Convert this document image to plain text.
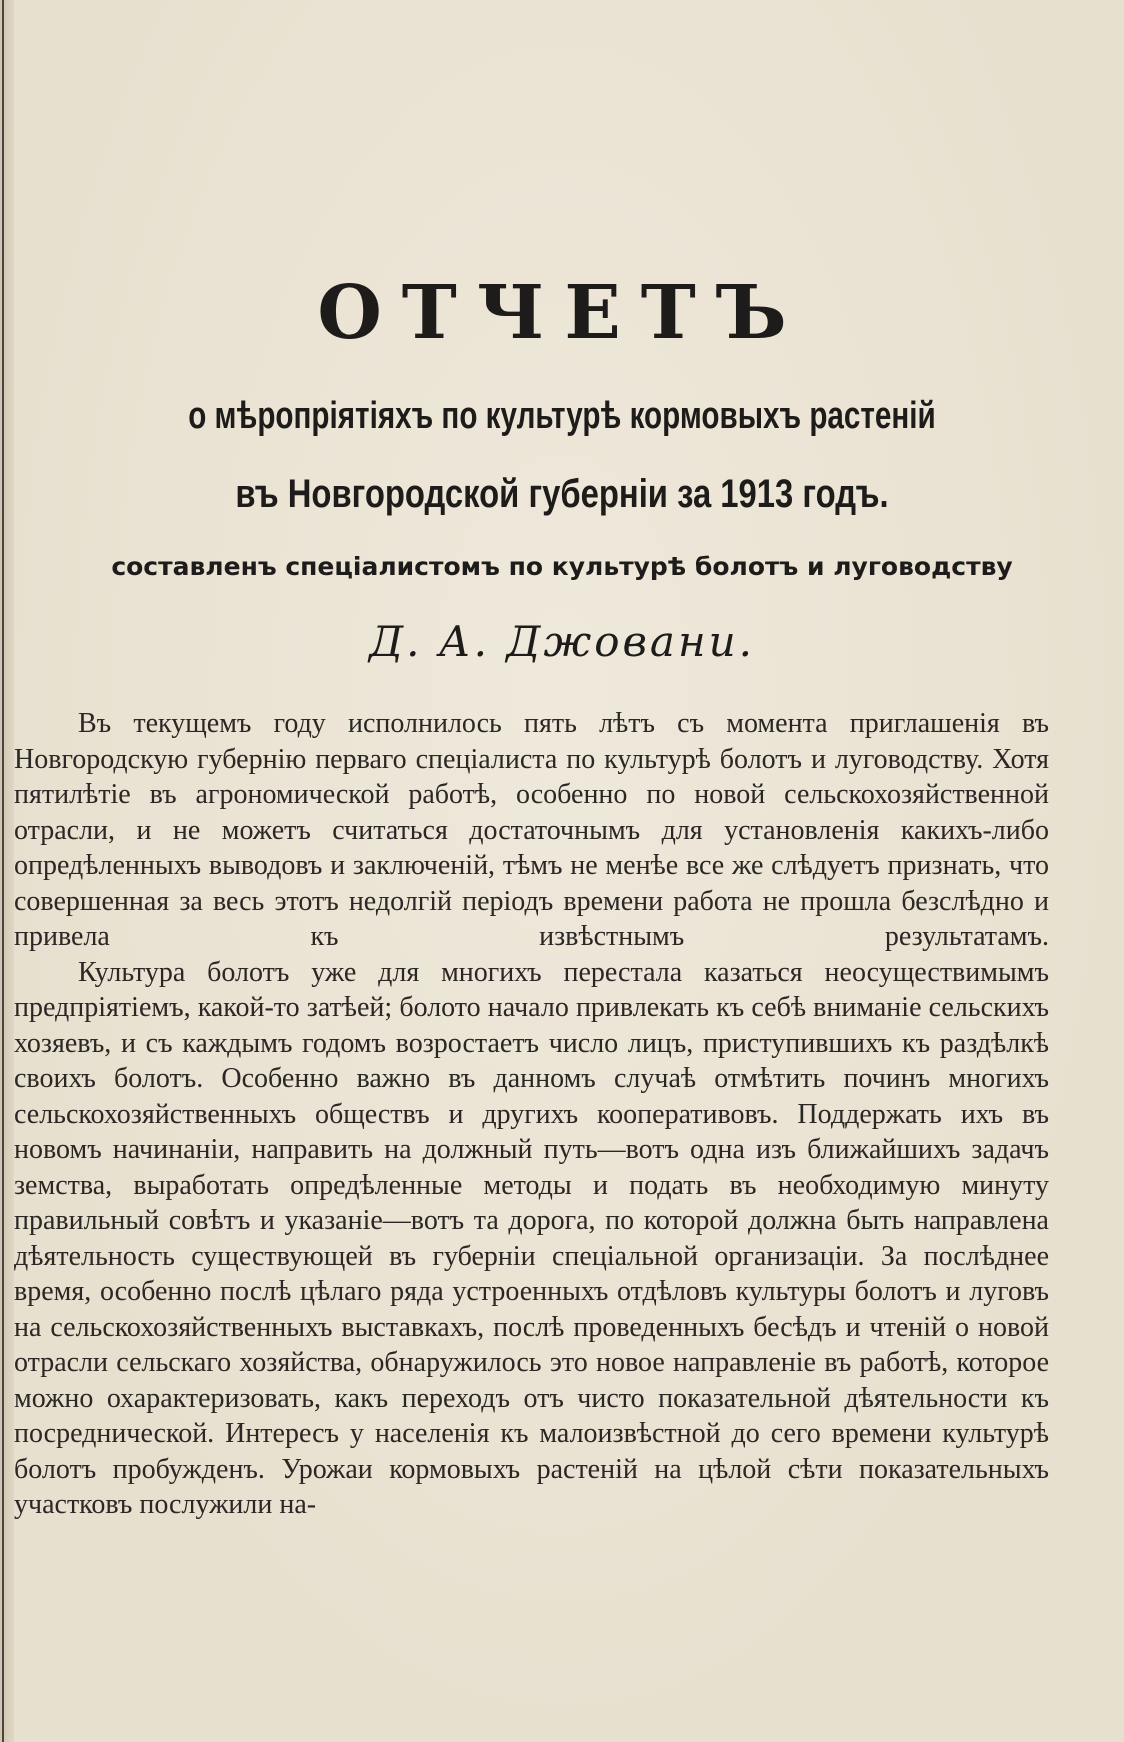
ОТЧЕТЪ
о мѣропріятіяхъ по культурѣ кормовыхъ растеній
въ Новгородской губерніи за 1913 годъ.

составленъ спеціалистомъ по культурѣ болотъ и луговодству

Д. А. Джовани.

Въ текущемъ году исполнилось пять лѣтъ съ момента приглашенія въ Новгородскую губернію перваго спеціалиста по культурѣ болотъ и луговодству. Хотя пятилѣтіе въ агрономической работѣ, особенно по новой сельскохозяйственной отрасли, и не можетъ считаться достаточнымъ для установленія какихъ-либо опредѣленныхъ выводовъ и заключеній, тѣмъ не менѣе все же слѣдуетъ признать, что совершенная за весь этотъ недолгій періодъ времени работа не прошла безслѣдно и привела къ извѣстнымъ результатамъ.

Культура болотъ уже для многихъ перестала казаться неосуществимымъ предпріятіемъ, какой-то затѣей; болото начало привлекать къ себѣ вниманіе сельскихъ хозяевъ, и съ каждымъ годомъ возростаетъ число лицъ, приступившихъ къ раздѣлкѣ своихъ болотъ. Особенно важно въ данномъ случаѣ отмѣтить починъ многихъ сельскохозяйственныхъ обществъ и другихъ кооперативовъ. Поддержать ихъ въ новомъ начинаніи, направить на должный путь—вотъ одна изъ ближайшихъ задачъ земства, выработать опредѣленные методы и подать въ необходимую минуту правильный совѣтъ и указаніе—вотъ та дорога, по которой должна быть направлена дѣятельность существующей въ губерніи спеціальной организаціи. За послѣднее время, особенно послѣ цѣлаго ряда устроенныхъ отдѣловъ культуры болотъ и луговъ на сельскохозяйственныхъ выставкахъ, послѣ проведенныхъ бесѣдъ и чтеній о новой отрасли сельскаго хозяйства, обнаружилось это новое направленіе въ работѣ, которое можно охарактеризовать, какъ переходъ отъ чисто показательной дѣятельности къ посреднической. Интересъ у населенія къ малоизвѣстной до сего времени культурѣ болотъ пробужденъ. Урожаи кормовыхъ растеній на цѣлой сѣти показательныхъ участковъ послужили на-
